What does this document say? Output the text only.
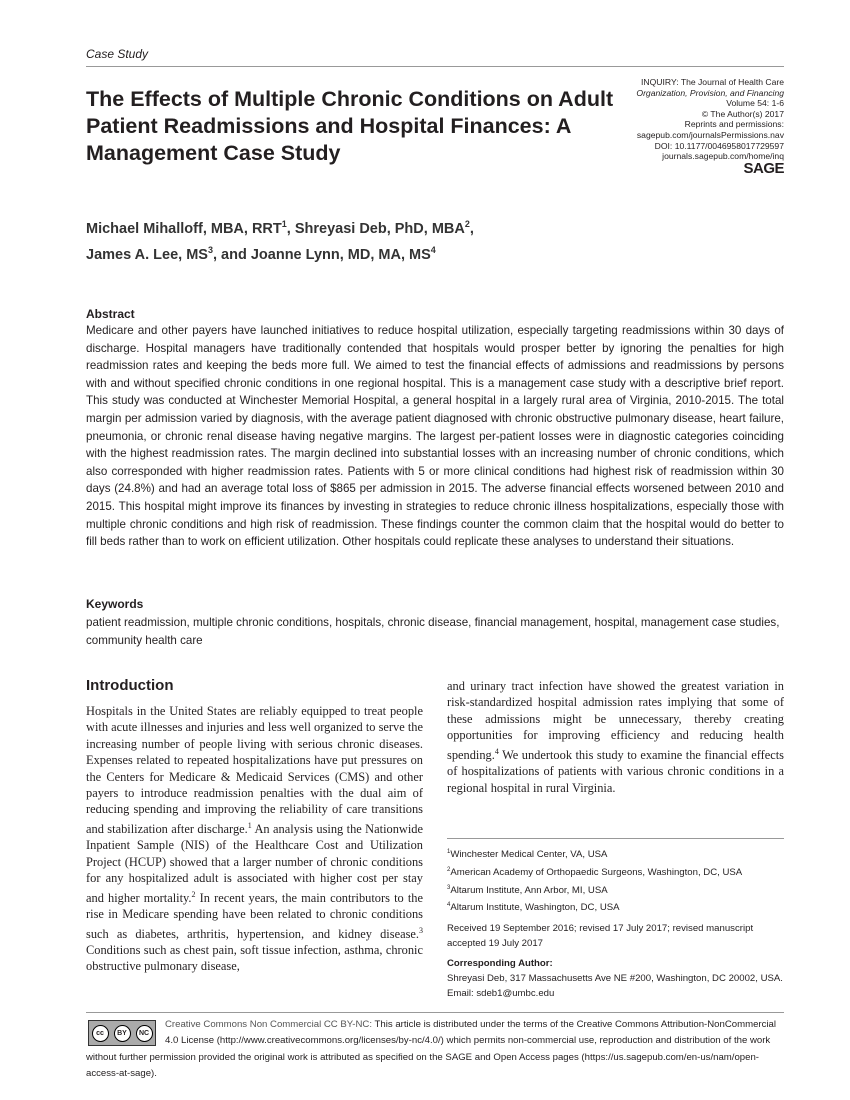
Case Study
The Effects of Multiple Chronic Conditions on Adult Patient Readmissions and Hospital Finances: A Management Case Study
INQUIRY: The Journal of Health Care
Organization, Provision, and Financing
Volume 54: 1-6
© The Author(s) 2017
Reprints and permissions:
sagepub.com/journalsPermissions.nav
DOI: 10.1177/0046958017729597
journals.sagepub.com/home/inq
SAGE
Michael Mihalloff, MBA, RRT$^1$, Shreyasi Deb, PhD, MBA$^2$,
James A. Lee, $MS^3$, and Joanne Lynn, MD, MA, $MS^4$
Abstract
Medicare and other payers have launched initiatives to reduce hospital utilization, especially targeting readmissions within 30 days of discharge. Hospital managers have traditionally contended that hospitals would prosper better by ignoring the penalties for high readmission rates and keeping the beds more full. We aimed to test the financial effects of admissions and readmissions by persons with and without specified chronic conditions in one regional hospital. This is a management case study with a descriptive brief report. This study was conducted at Winchester Memorial Hospital, a general hospital in a largely rural area of Virginia, 2010-2015. The total margin per admission varied by diagnosis, with the average patient diagnosed with chronic obstructive pulmonary disease, heart failure, pneumonia, or chronic renal disease having negative margins. The largest per-patient losses were in diagnostic categories coinciding with the highest readmission rates. The margin declined into substantial losses with an increasing number of chronic conditions, which also corresponded with higher readmission rates. Patients with 5 or more clinical conditions had highest risk of readmission within 30 days (24.8%) and had an average total loss of $865 per admission in 2015. The adverse financial effects worsened between 2010 and 2015. This hospital might improve its finances by investing in strategies to reduce chronic illness hospitalizations, especially those with multiple chronic conditions and high risk of readmission. These findings counter the common claim that the hospital would do better to fill beds rather than to work on efficient utilization. Other hospitals could replicate these analyses to understand their situations.
Keywords
patient readmission, multiple chronic conditions, hospitals, chronic disease, financial management, hospital, management case studies, community health care
Introduction
Hospitals in the United States are reliably equipped to treat people with acute illnesses and injuries and less well organized to serve the increasing number of people living with serious chronic diseases. Expenses related to repeated hospitalizations have put pressures on the Centers for Medicare & Medicaid Services (CMS) and other payers to introduce readmission penalties with the dual aim of reducing spending and improving the reliability of care transitions and stabilization after discharge.$^1$ An analysis using the Nationwide Inpatient Sample (NIS) of the Healthcare Cost and Utilization Project (HCUP) showed that a larger number of chronic conditions for any hospitalized adult is associated with higher cost per stay and higher mortality.$^2$ In recent years, the main contributors to the rise in Medicare spending have been related to chronic conditions such as diabetes, arthritis, hypertension, and kidney disease.$^3$ Conditions such as chest pain, soft tissue infection, asthma, chronic obstructive pulmonary disease,
and urinary tract infection have showed the greatest variation in risk-standardized hospital admission rates implying that some of these admissions might be unnecessary, thereby creating opportunities for improving efficiency and reducing health spending.$^4$ We undertook this study to examine the financial effects of hospitalizations of patients with various chronic conditions in a regional hospital in rural Virginia.

$^1$Winchester Medical Center, VA, USA
$^2$American Academy of Orthopaedic Surgeons, Washington, DC, USA
$^3$Altarum Institute, Ann Arbor, MI, USA
$^4$Altarum Institute, Washington, DC, USA

Received 19 September 2016; revised 17 July 2017; revised manuscript accepted 19 July 2017

Corresponding Author:
Shreyasi Deb, 317 Massachusetts Ave NE #200, Washington, DC 20002, USA.
Email: sdeb1@umbc.edu
cc	BY	NC
Creative Commons Non Commercial CC BY-NC: This article is distributed under the terms of the Creative Commons Attribution-NonCommercial 4.0 License (http://www.creativecommons.org/licenses/by-nc/4.0/) which permits non-commercial use, reproduction and distribution of the work without further permission provided the original work is attributed as specified on the SAGE and Open Access pages (https://us.sagepub.com/en-us/nam/open-access-at-sage).
